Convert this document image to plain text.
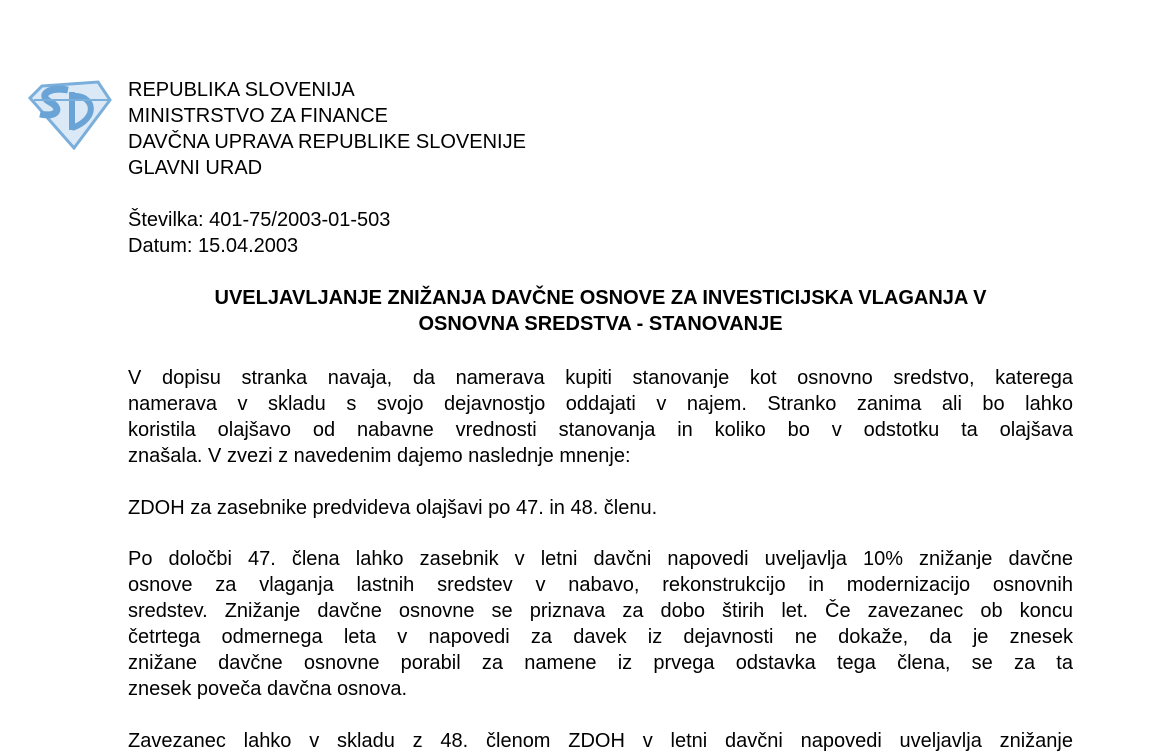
REPUBLIKA SLOVENIJA
MINISTRSTVO ZA FINANCE
DAVČNA UPRAVA REPUBLIKE SLOVENIJE
GLAVNI URAD
Številka: 401-75/2003-01-503
Datum: 15.04.2003
UVELJAVLJANJE ZNIŽANJA DAVČNE OSNOVE ZA INVESTICIJSKA VLAGANJA V
OSNOVNA SREDSTVA - STANOVANJE
V dopisu stranka navaja, da namerava kupiti stanovanje kot osnovno sredstvo, katerega
namerava v skladu s svojo dejavnostjo oddajati v najem. Stranko zanima ali bo lahko
koristila olajšavo od nabavne vrednosti stanovanja in koliko bo v odstotku ta olajšava
znašala. V zvezi z navedenim dajemo naslednje mnenje:
ZDOH za zasebnike predvideva olajšavi po 47. in 48. členu.
Po določbi 47. člena lahko zasebnik v letni davčni napovedi uveljavlja 10% znižanje davčne
osnove za vlaganja lastnih sredstev v nabavo, rekonstrukcijo in modernizacijo osnovnih
sredstev. Znižanje davčne osnovne se priznava za dobo štirih let. Če zavezanec ob koncu
četrtega odmernega leta v napovedi za davek iz dejavnosti ne dokaže, da je znesek
znižane davčne osnovne porabil za namene iz prvega odstavka tega člena, se za ta
znesek poveča davčna osnova.
Zavezanec lahko v skladu z 48. členom ZDOH v letni davčni napovedi uveljavlja znižanje
